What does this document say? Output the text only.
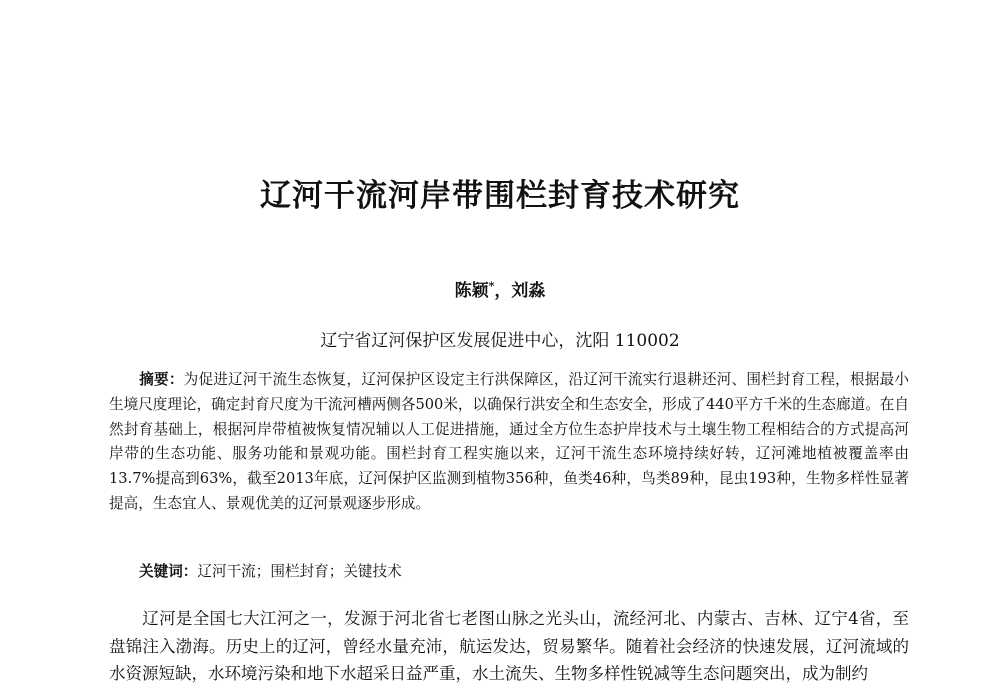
辽河干流河岸带围栏封育技术研究
陈颖*，刘淼
辽宁省辽河保护区发展促进中心，沈阳 110002
摘要：为促进辽河干流生态恢复，辽河保护区设定主行洪保障区，沿辽河干流实行退耕还河、围栏封育工程，根据最小生境尺度理论，确定封育尺度为干流河槽两侧各500米，以确保行洪安全和生态安全，形成了440平方千米的生态廊道。在自然封育基础上，根据河岸带植被恢复情况辅以人工促进措施，通过全方位生态护岸技术与土壤生物工程相结合的方式提高河岸带的生态功能、服务功能和景观功能。围栏封育工程实施以来，辽河干流生态环境持续好转，辽河滩地植被覆盖率由13.7%提高到63%，截至2013年底，辽河保护区监测到植物356种，鱼类46种，鸟类89种，昆虫193种，生物多样性显著提高，生态宜人、景观优美的辽河景观逐步形成。
关键词：辽河干流；围栏封育；关键技术
辽河是全国七大江河之一，发源于河北省七老图山脉之光头山，流经河北、内蒙古、吉林、辽宁4省，至盘锦注入渤海。历史上的辽河，曾经水量充沛，航运发达，贸易繁华。随着社会经济的快速发展，辽河流域的水资源短缺，水环境污染和地下水超采日益严重，水土流失、生物多样性锐减等生态问题突出，成为制约
